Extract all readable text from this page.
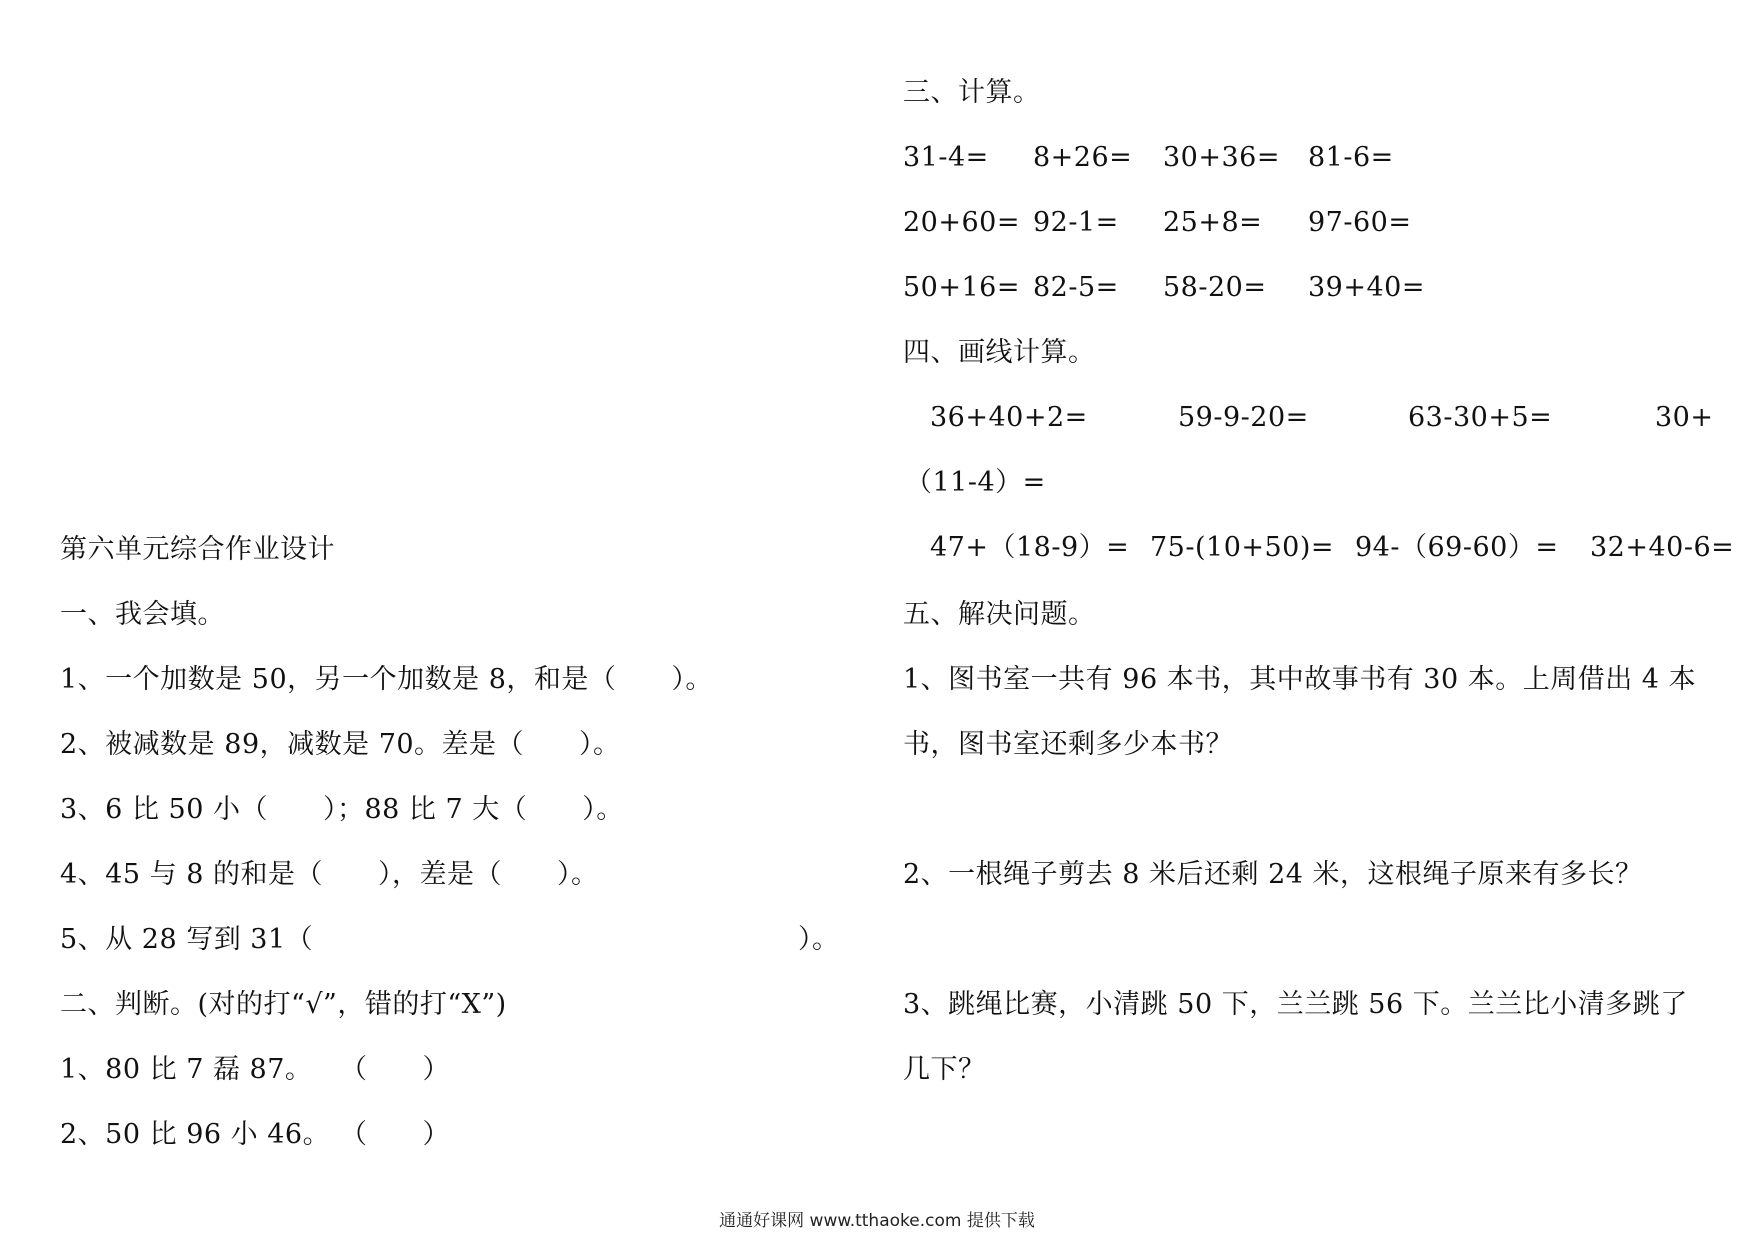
第六单元综合作业设计
一、我会填。
1、一个加数是 50，另一个加数是 8，和是（　　）。
2、被减数是 89，减数是 70。差是（　　）。
3、6 比 50 小（　　）；88 比 7 大（　　）。
4、45 与 8 的和是（　　），差是（　　）。
5、从 28 写到 31（	）。
二、判断。(对的打“√”，错的打“X”)
1、80 比 7 磊 87。 （　　）
2、50 比 96 小 46。 （　　）
三、计算。
31-4= 8+26= 30+36= 81-6=
20+60= 92-1= 25+8= 97-60=
50+16= 82-5= 58-20= 39+40=
四、画线计算。
36+40+2=	59-9-20=	63-30+5=	30+
（11-4）=
47+（18-9）= 75-(10+50)= 94-（69-60）= 32+40-6=
五、解决问题。
1、图书室一共有 96 本书，其中故事书有 30 本。上周借出 4 本
书，图书室还剩多少本书？
2、一根绳子剪去 8 米后还剩 24 米，这根绳子原来有多长？
3、跳绳比赛，小清跳 50 下，兰兰跳 56 下。兰兰比小清多跳了
几下？
通通好课网 www.tthaoke.com 提供下载
